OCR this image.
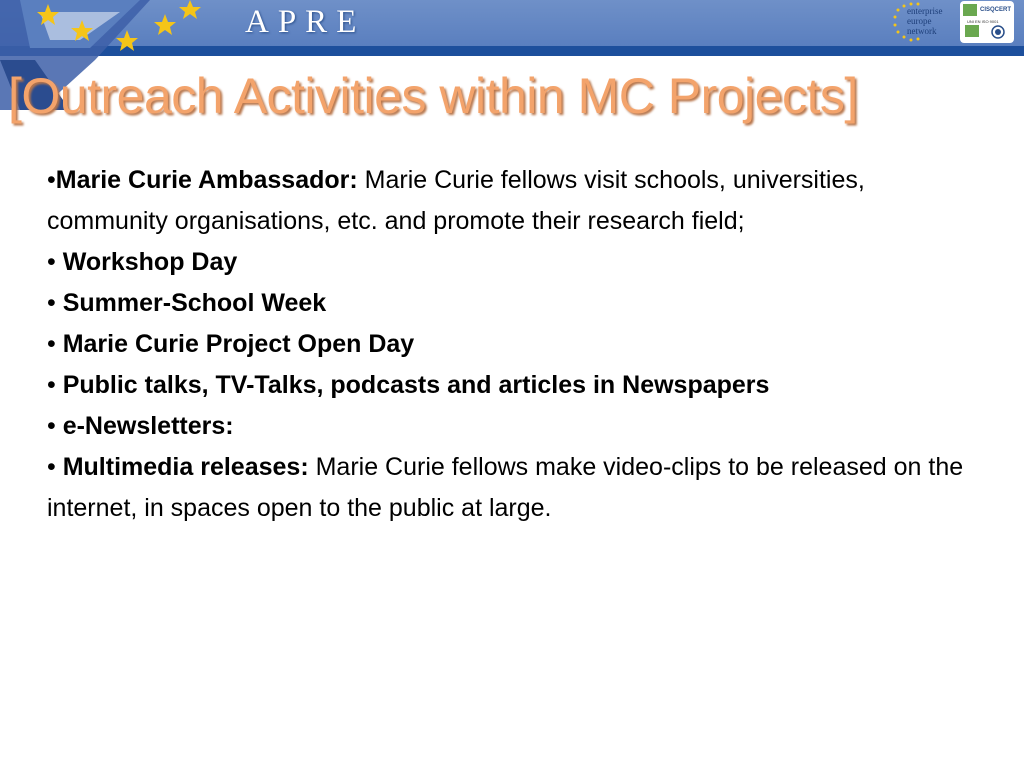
APRE	enterprise
europe
network
CISQCERT
UNI EN ISO 9001
[Outreach Activities within MC Projects]

•Marie Curie Ambassador: Marie Curie fellows visit schools, universities, community organisations, etc. and promote their research field;

• Workshop Day

• Summer-School Week

• Marie Curie Project Open Day

• Public talks, TV-Talks, podcasts and articles in Newspapers

• e-Newsletters:

• Multimedia releases: Marie Curie fellows make video-clips to be released on the internet, in spaces open to the public at large.
